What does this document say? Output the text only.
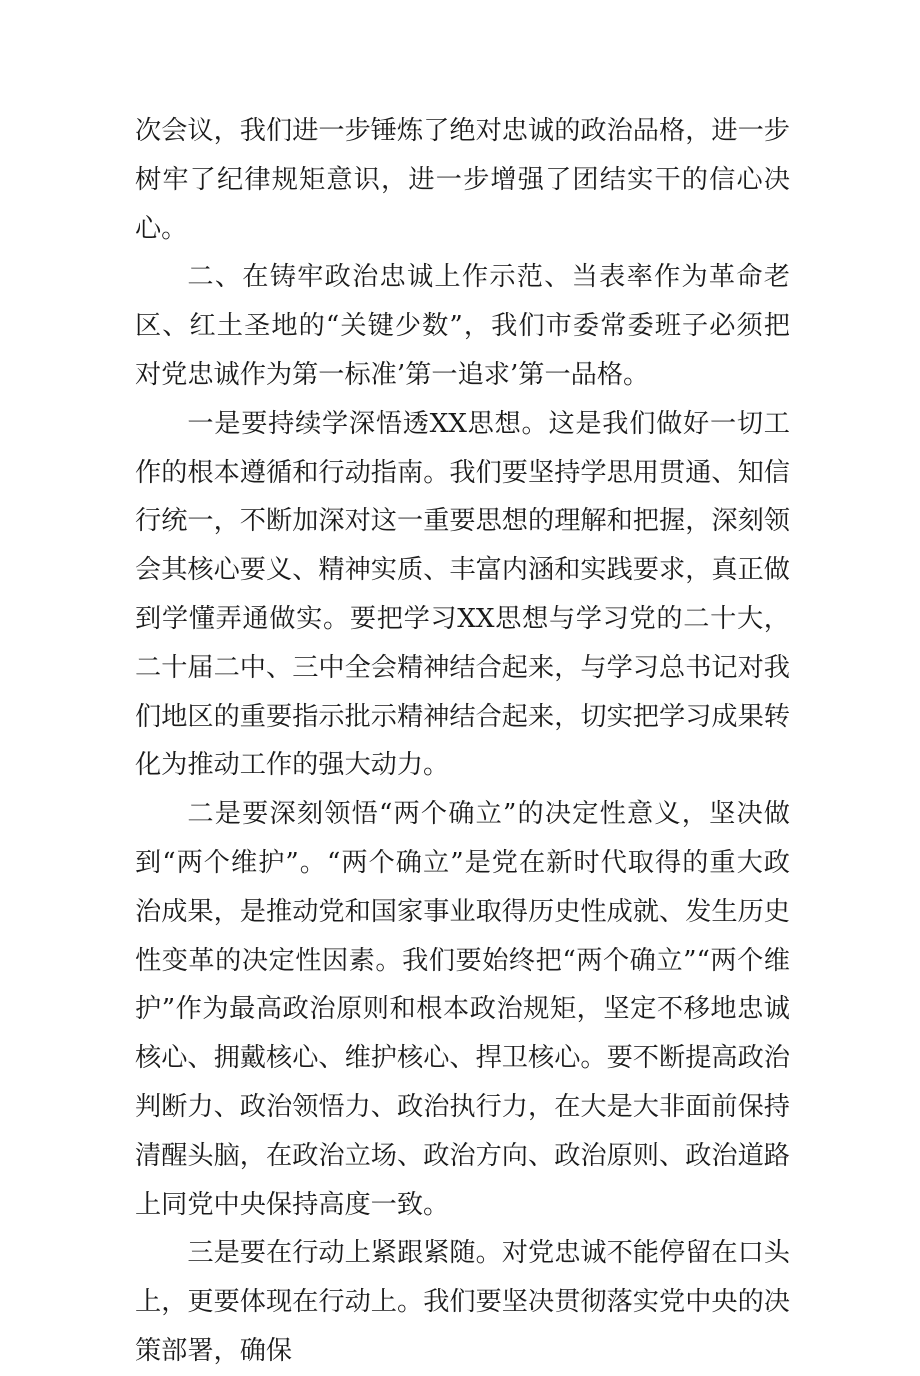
次会议，我们进一步锤炼了绝对忠诚的政治品格，进一步树牢了纪律规矩意识，进一步增强了团结实干的信心决心。

二、在铸牢政治忠诚上作示范、当表率作为革命老区、红土圣地的“关键少数”，我们市委常委班子必须把对党忠诚作为第一标准’第一追求’第一品格。

一是要持续学深悟透XX思想。这是我们做好一切工作的根本遵循和行动指南。我们要坚持学思用贯通、知信行统一，不断加深对这一重要思想的理解和把握，深刻领会其核心要义、精神实质、丰富内涵和实践要求，真正做到学懂弄通做实。要把学习XX思想与学习党的二十大，二十届二中、三中全会精神结合起来，与学习总书记对我们地区的重要指示批示精神结合起来，切实把学习成果转化为推动工作的强大动力。

二是要深刻领悟“两个确立”的决定性意义，坚决做到“两个维护”。“两个确立”是党在新时代取得的重大政治成果，是推动党和国家事业取得历史性成就、发生历史性变革的决定性因素。我们要始终把“两个确立”“两个维护”作为最高政治原则和根本政治规矩，坚定不移地忠诚核心、拥戴核心、维护核心、捍卫核心。要不断提高政治判断力、政治领悟力、政治执行力，在大是大非面前保持清醒头脑，在政治立场、政治方向、政治原则、政治道路上同党中央保持高度一致。

三是要在行动上紧跟紧随。对党忠诚不能停留在口头上，更要体现在行动上。我们要坚决贯彻落实党中央的决策部署，确保
